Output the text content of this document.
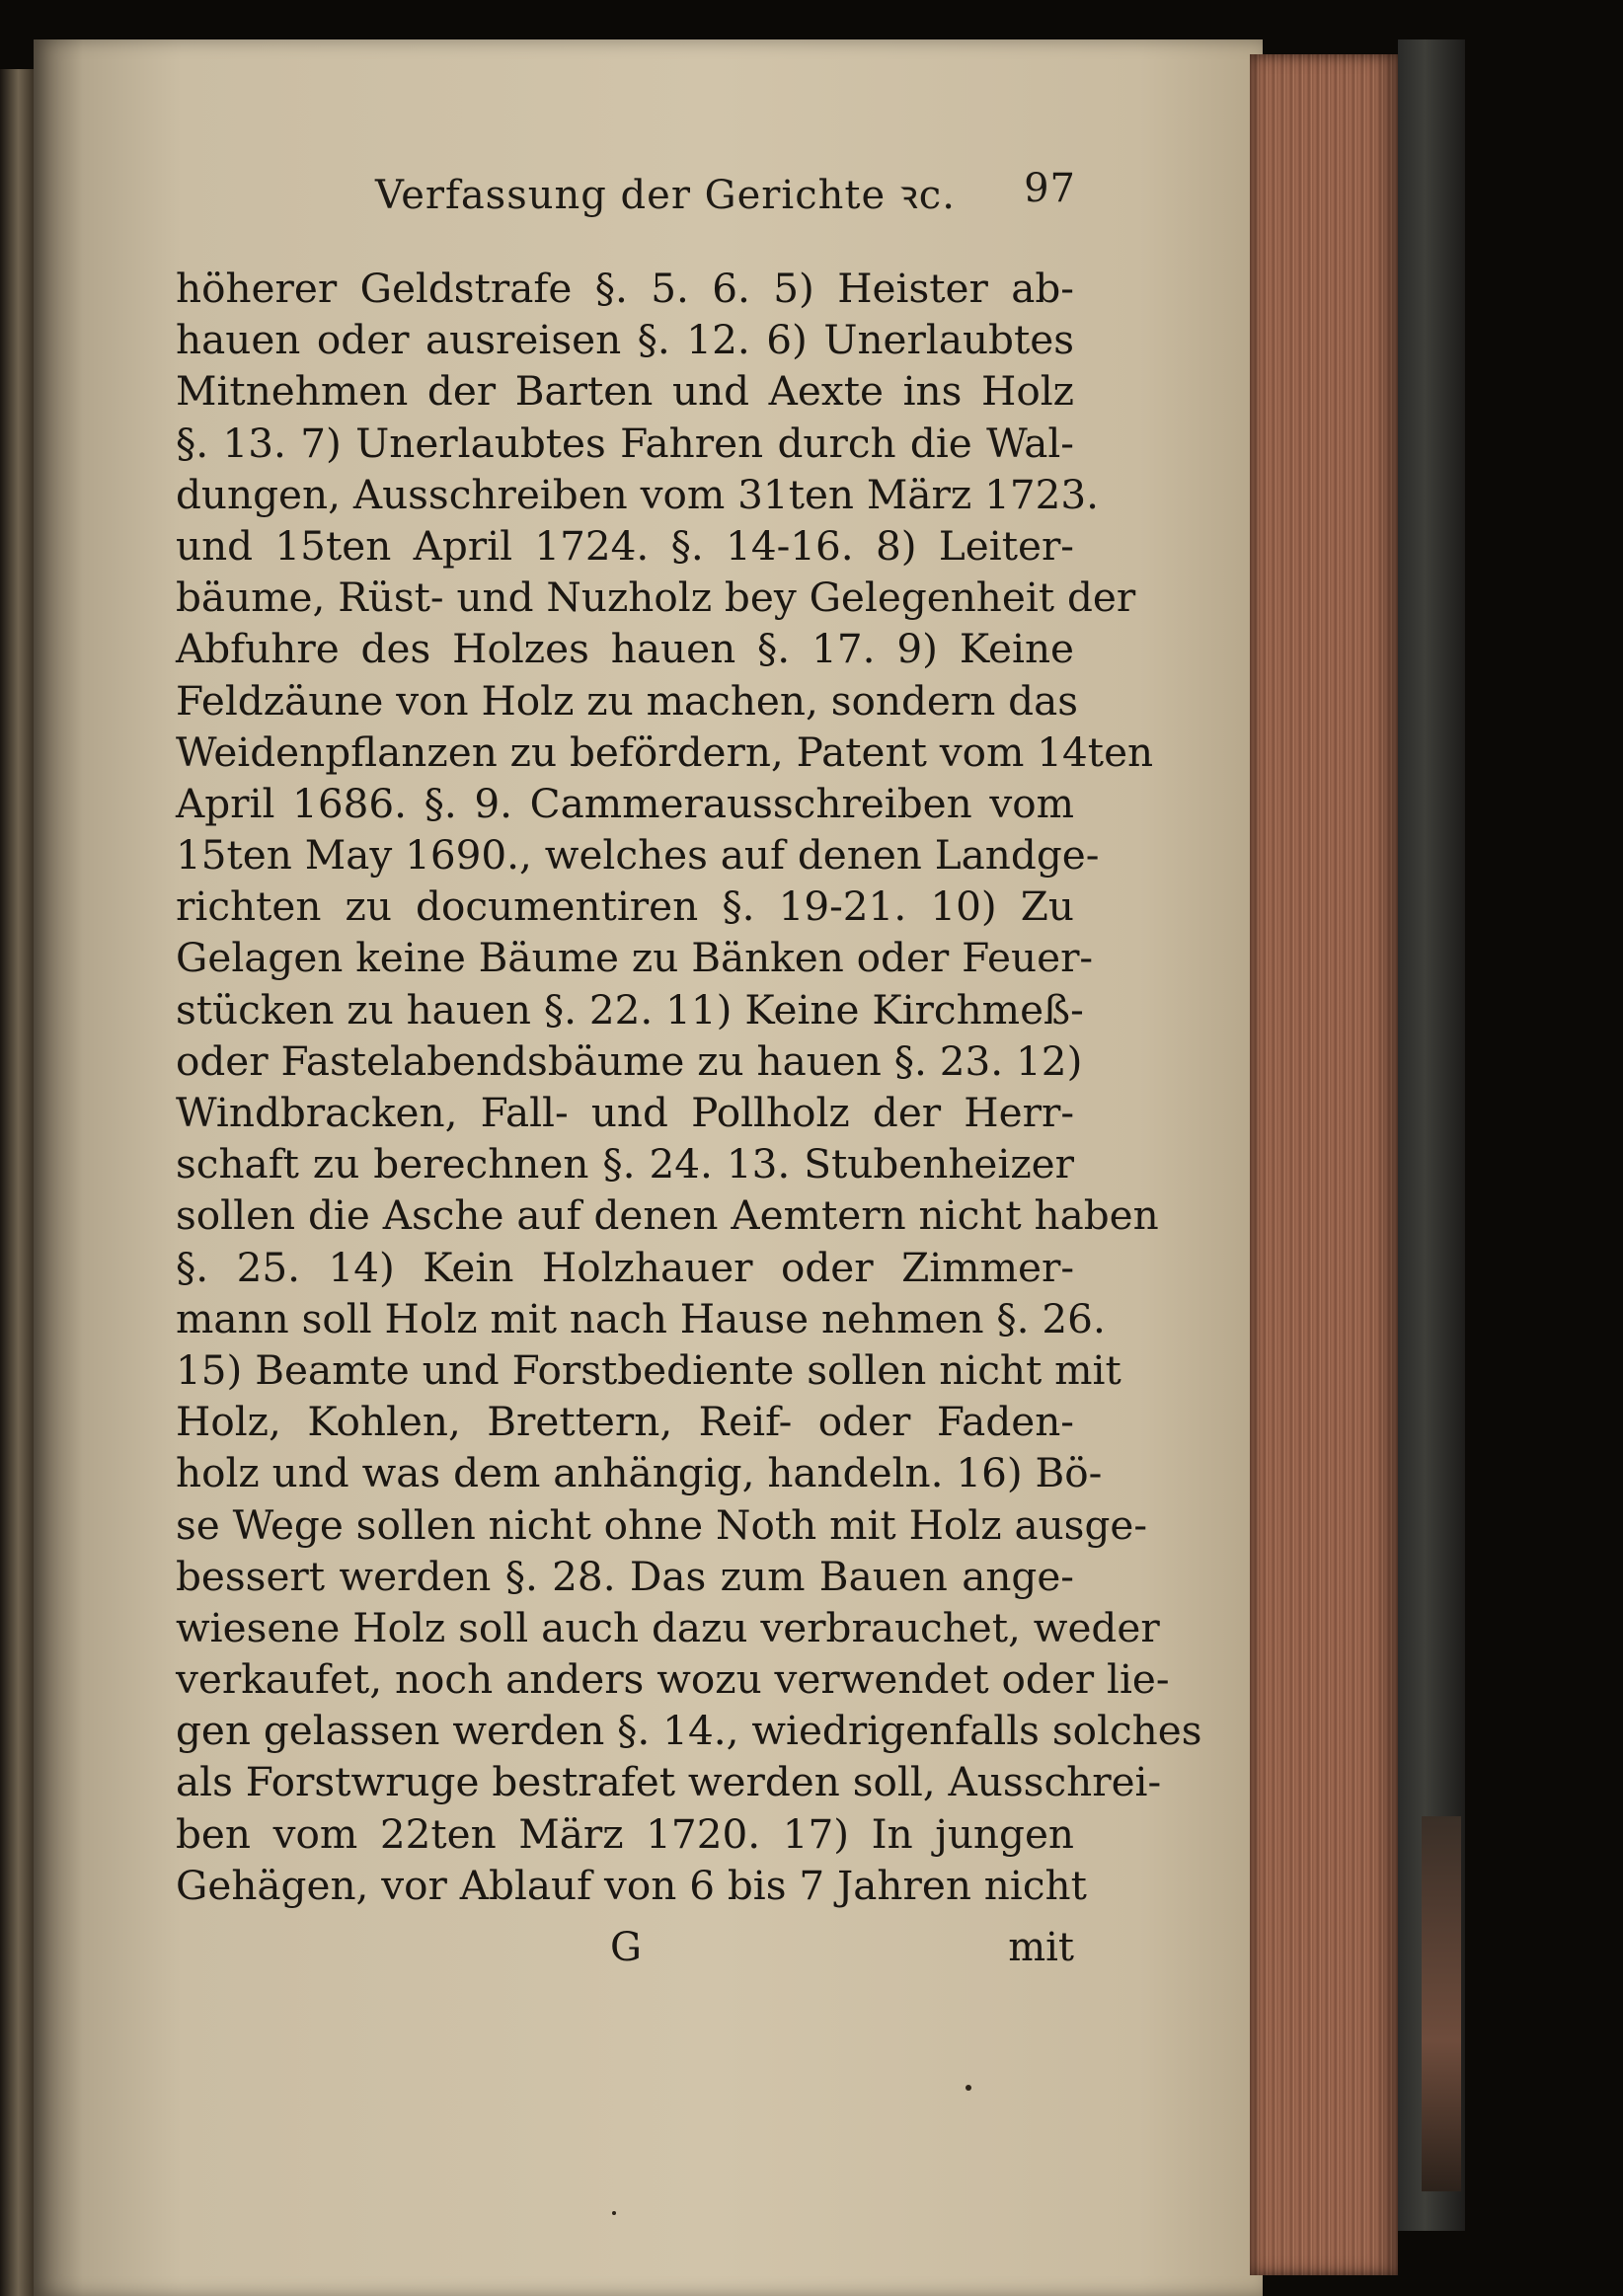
Verfassung der Gerichte ꝛc. 97
höherer Geldstrafe §. 5. 6. 5) Heister ab-
hauen oder ausreisen §. 12. 6) Unerlaubtes
Mitnehmen der Barten und Aexte ins Holz
§. 13. 7) Unerlaubtes Fahren durch die Wal-
dungen, Ausschreiben vom 31ten März 1723.
und 15ten April 1724. §. 14-16. 8) Leiter-
bäume, Rüst- und Nuzholz bey Gelegenheit der
Abfuhre des Holzes hauen §. 17. 9) Keine
Feldzäune von Holz zu machen, sondern das
Weidenpflanzen zu befördern, Patent vom 14ten
April 1686. §. 9. Cammerausschreiben vom
15ten May 1690., welches auf denen Landge-
richten zu documentiren §. 19-21. 10) Zu
Gelagen keine Bäume zu Bänken oder Feuer-
stücken zu hauen §. 22. 11) Keine Kirchmeß-
oder Fastelabendsbäume zu hauen §. 23. 12)
Windbracken, Fall- und Pollholz der Herr-
schaft zu berechnen §. 24. 13. Stubenheizer
sollen die Asche auf denen Aemtern nicht haben
§. 25. 14) Kein Holzhauer oder Zimmer-
mann soll Holz mit nach Hause nehmen §. 26.
15) Beamte und Forstbediente sollen nicht mit
Holz, Kohlen, Brettern, Reif- oder Faden-
holz und was dem anhängig, handeln. 16) Bö-
se Wege sollen nicht ohne Noth mit Holz ausge-
bessert werden §. 28. Das zum Bauen ange-
wiesene Holz soll auch dazu verbrauchet, weder
verkaufet, noch anders wozu verwendet oder lie-
gen gelassen werden §. 14., wiedrigenfalls solches
als Forstwruge bestrafet werden soll, Ausschrei-
ben vom 22ten März 1720. 17) In jungen
Gehägen, vor Ablauf von 6 bis 7 Jahren nicht
G	mit
